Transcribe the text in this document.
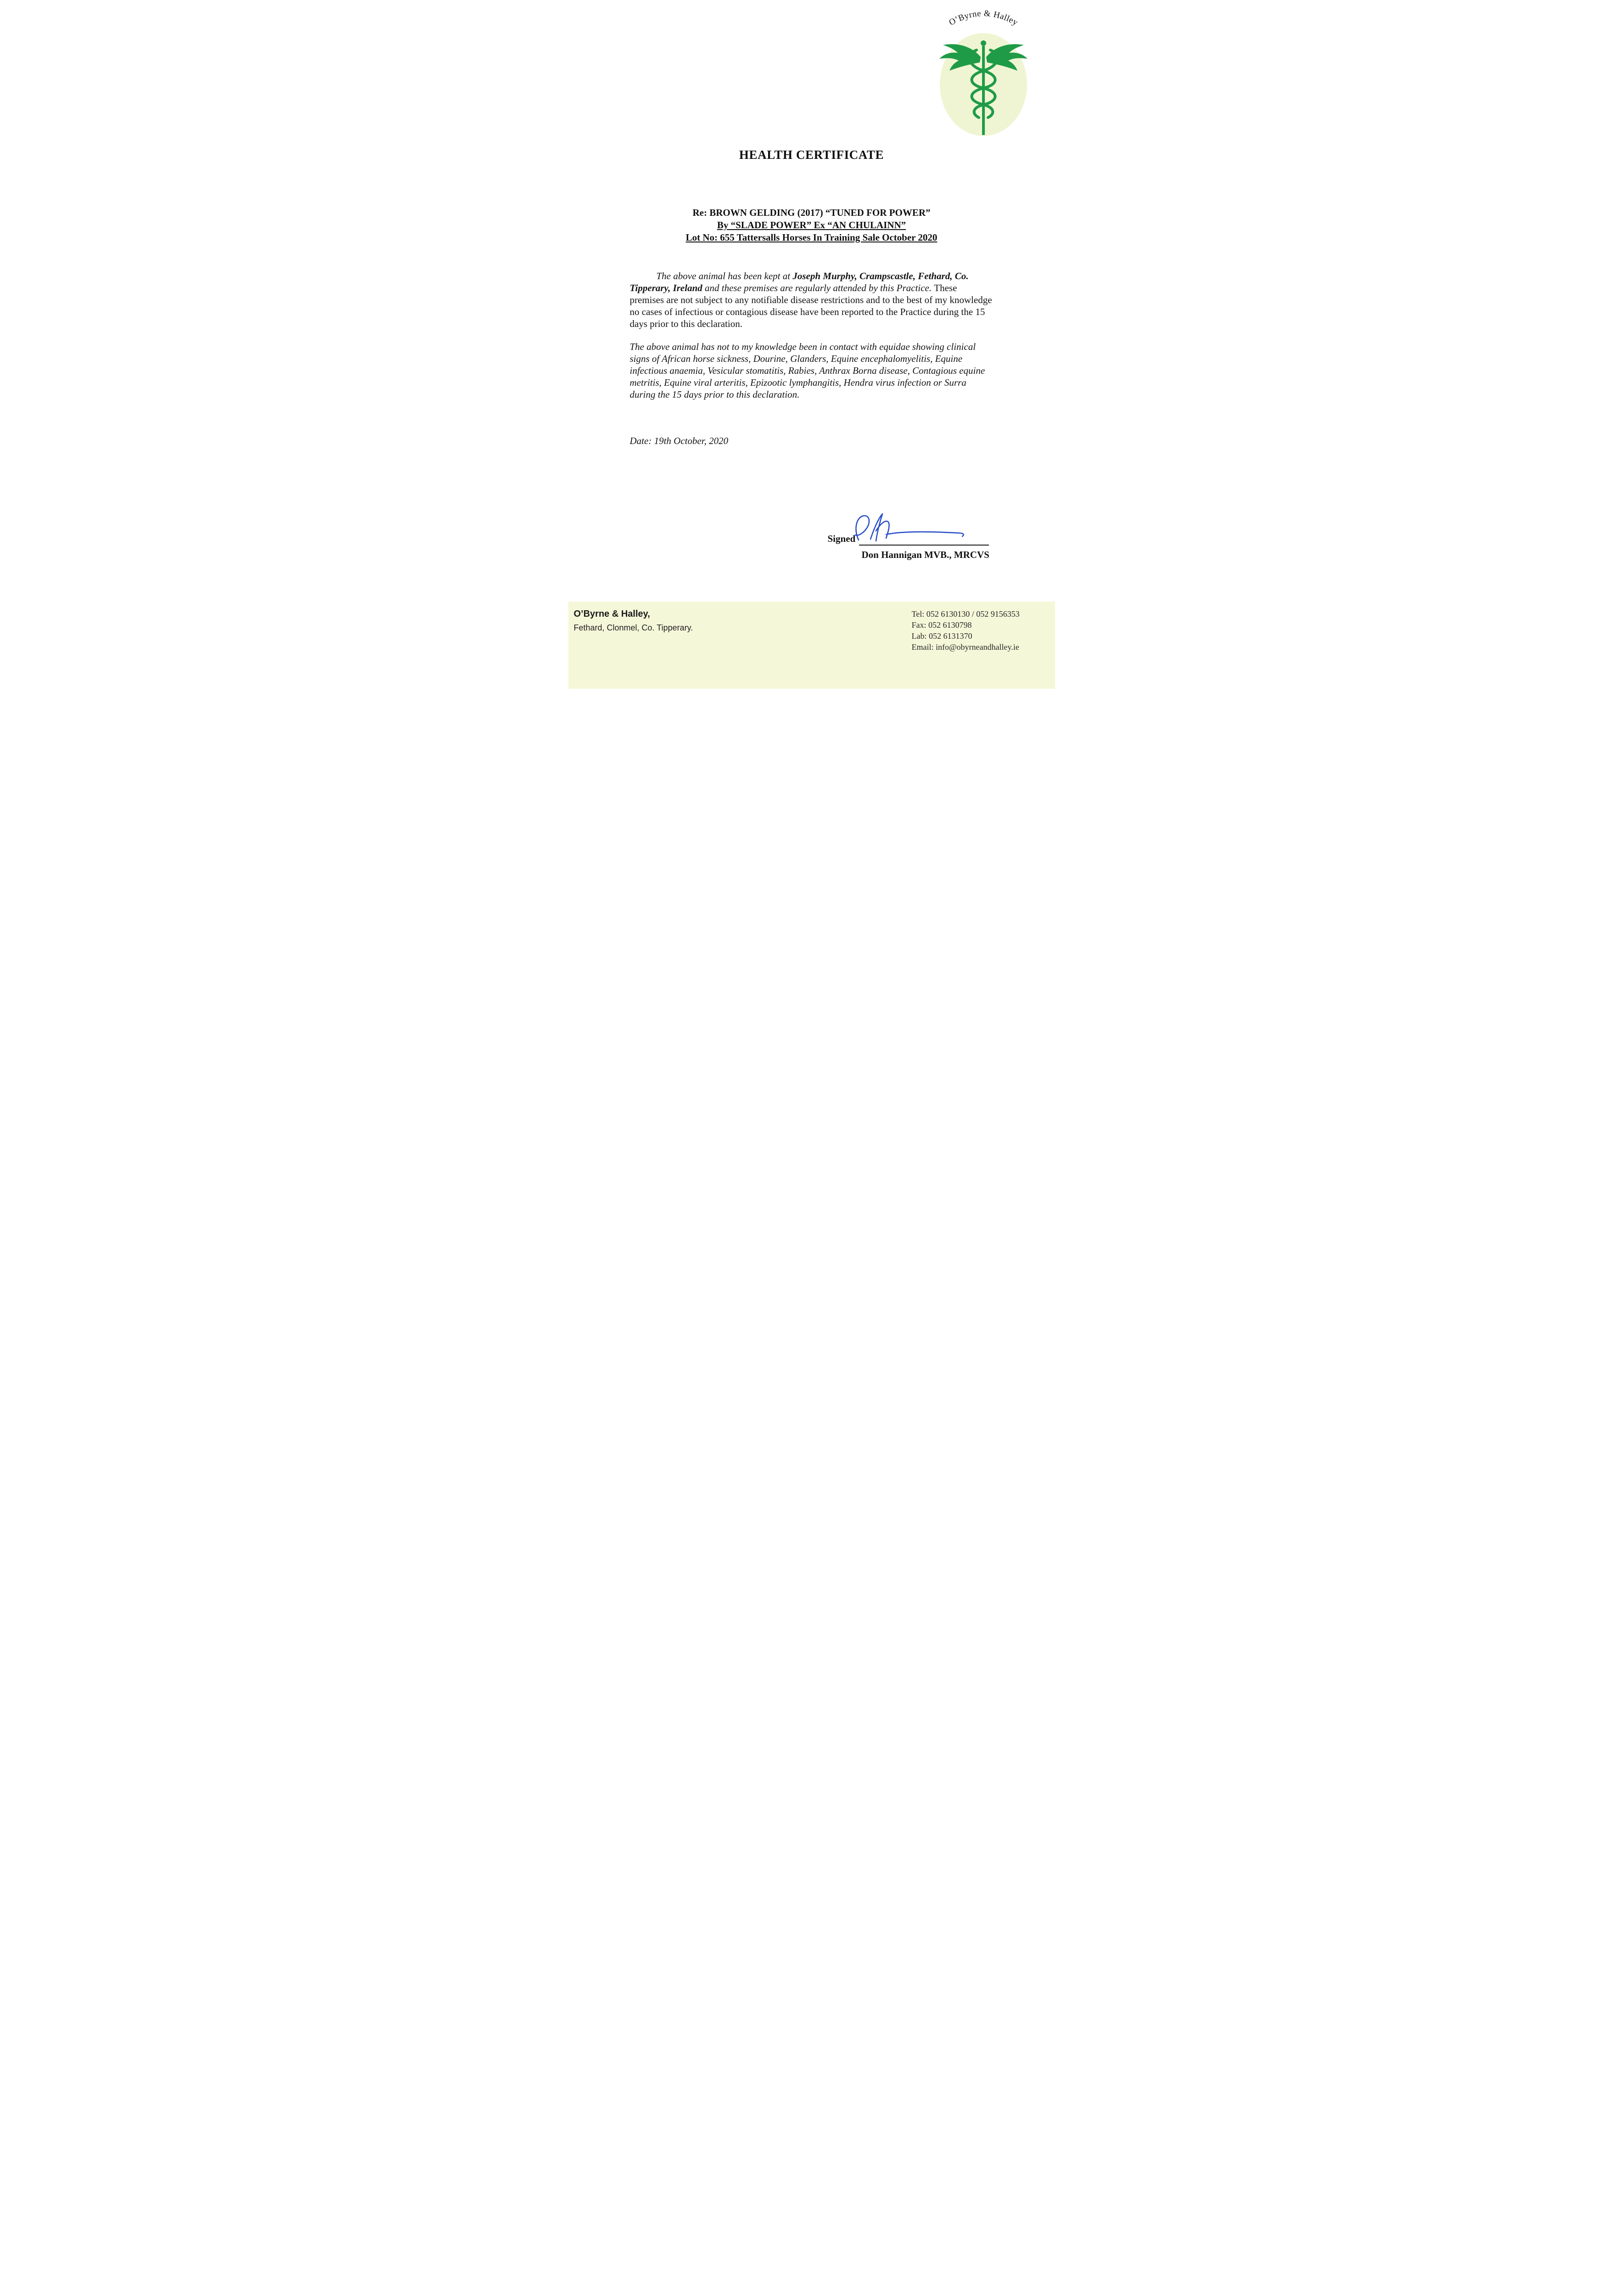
O’Byrne & Halley
HEALTH CERTIFICATE
Re: BROWN GELDING (2017) “TUNED FOR POWER”
By “SLADE POWER” Ex “AN CHULAINN”
Lot No: 655 Tattersalls Horses In Training Sale October 2020

The above animal has been kept at Joseph Murphy, Crampscastle, Fethard, Co. Tipperary, Ireland and these premises are regularly attended by this Practice. These premises are not subject to any notifiable disease restrictions and to the best of my knowledge no cases of infectious or contagious disease have been reported to the Practice during the 15 days prior to this declaration.

The above animal has not to my knowledge been in contact with equidae showing clinical signs of African horse sickness, Dourine, Glanders, Equine encephalomyelitis, Equine infectious anaemia, Vesicular stomatitis, Rabies, Anthrax Borna disease, Contagious equine metritis, Equine viral arteritis, Epizootic lymphangitis, Hendra virus infection or Surra during the 15 days prior to this declaration.

Date: 19th October, 2020

Signed
Don Hannigan MVB., MRCVS
O’Byrne & Halley,
Fethard, Clonmel, Co. Tipperary.
Tel: 052 6130130 / 052 9156353
Fax: 052 6130798
Lab: 052 6131370
Email: info@obyrneandhalley.ie
